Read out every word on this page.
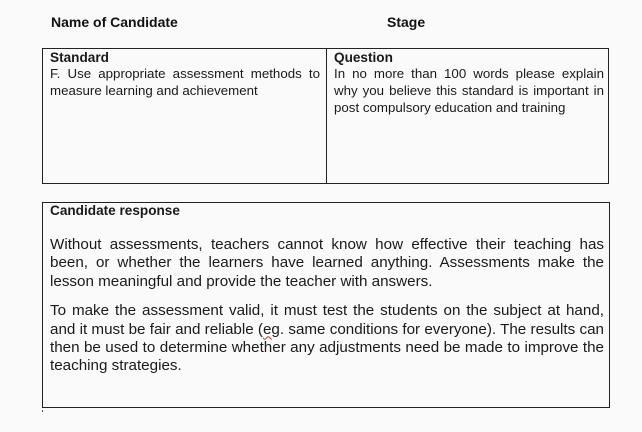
Name of Candidate	Stage
Standard
F. Use appropriate assessment methods to measure learning and achievement
Question
In no more than 100 words please explain why you believe this standard is important in post compulsory education and training
Candidate response

Without assessments, teachers cannot know how effective their teaching has been, or whether the learners have learned anything. Assessments make the lesson meaningful and provide the teacher with answers.

To make the assessment valid, it must test the students on the subject at hand, and it must be fair and reliable (eg. same conditions for everyone). The results can then be used to determine whether any adjustments need be made to improve the teaching strategies.
